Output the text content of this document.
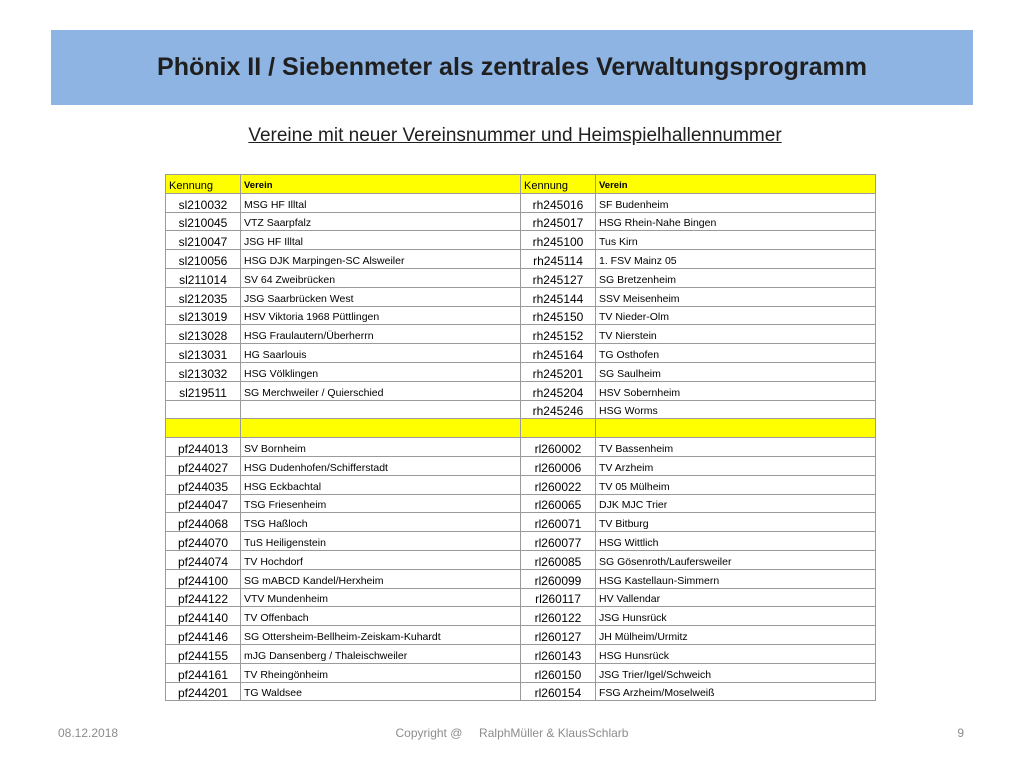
Phönix II / Siebenmeter als zentrales Verwaltungsprogramm
Vereine mit neuer Vereinsnummer und Heimspielhallennummer
Kennung	Verein	Kennung	Verein
sl210032	MSG HF Illtal	rh245016	SF Budenheim
sl210045	VTZ Saarpfalz	rh245017	HSG Rhein-Nahe Bingen
sl210047	JSG HF Illtal	rh245100	Tus Kirn
sl210056	HSG DJK Marpingen-SC Alsweiler	rh245114	1. FSV Mainz 05
sl211014	SV 64 Zweibrücken	rh245127	SG Bretzenheim
sl212035	JSG Saarbrücken West	rh245144	SSV Meisenheim
sl213019	HSV Viktoria 1968 Püttlingen	rh245150	TV Nieder-Olm
sl213028	HSG Fraulautern/Überherrn	rh245152	TV Nierstein
sl213031	HG Saarlouis	rh245164	TG Osthofen
sl213032	HSG Völklingen	rh245201	SG Saulheim
sl219511	SG Merchweiler / Quierschied	rh245204	HSV Sobernheim
		rh245246	HSG Worms

pf244013	SV Bornheim	rl260002	TV Bassenheim
pf244027	HSG Dudenhofen/Schifferstadt	rl260006	TV Arzheim
pf244035	HSG Eckbachtal	rl260022	TV 05 Mülheim
pf244047	TSG Friesenheim	rl260065	DJK MJC Trier
pf244068	TSG Haßloch	rl260071	TV Bitburg
pf244070	TuS Heiligenstein	rl260077	HSG Wittlich
pf244074	TV Hochdorf	rl260085	SG Gösenroth/Laufersweiler
pf244100	SG mABCD Kandel/Herxheim	rl260099	HSG Kastellaun-Simmern
pf244122	VTV Mundenheim	rl260117	HV Vallendar
pf244140	TV Offenbach	rl260122	JSG Hunsrück
pf244146	SG Ottersheim-Bellheim-Zeiskam-Kuhardt	rl260127	JH Mülheim/Urmitz
pf244155	mJG Dansenberg / Thaleischweiler	rl260143	HSG Hunsrück
pf244161	TV Rheingönheim	rl260150	JSG Trier/Igel/Schweich
pf244201	TG Waldsee	rl260154	FSG Arzheim/Moselweiß
08.12.2018	Copyright @     RalphMüller & KlausSchlarb	9
